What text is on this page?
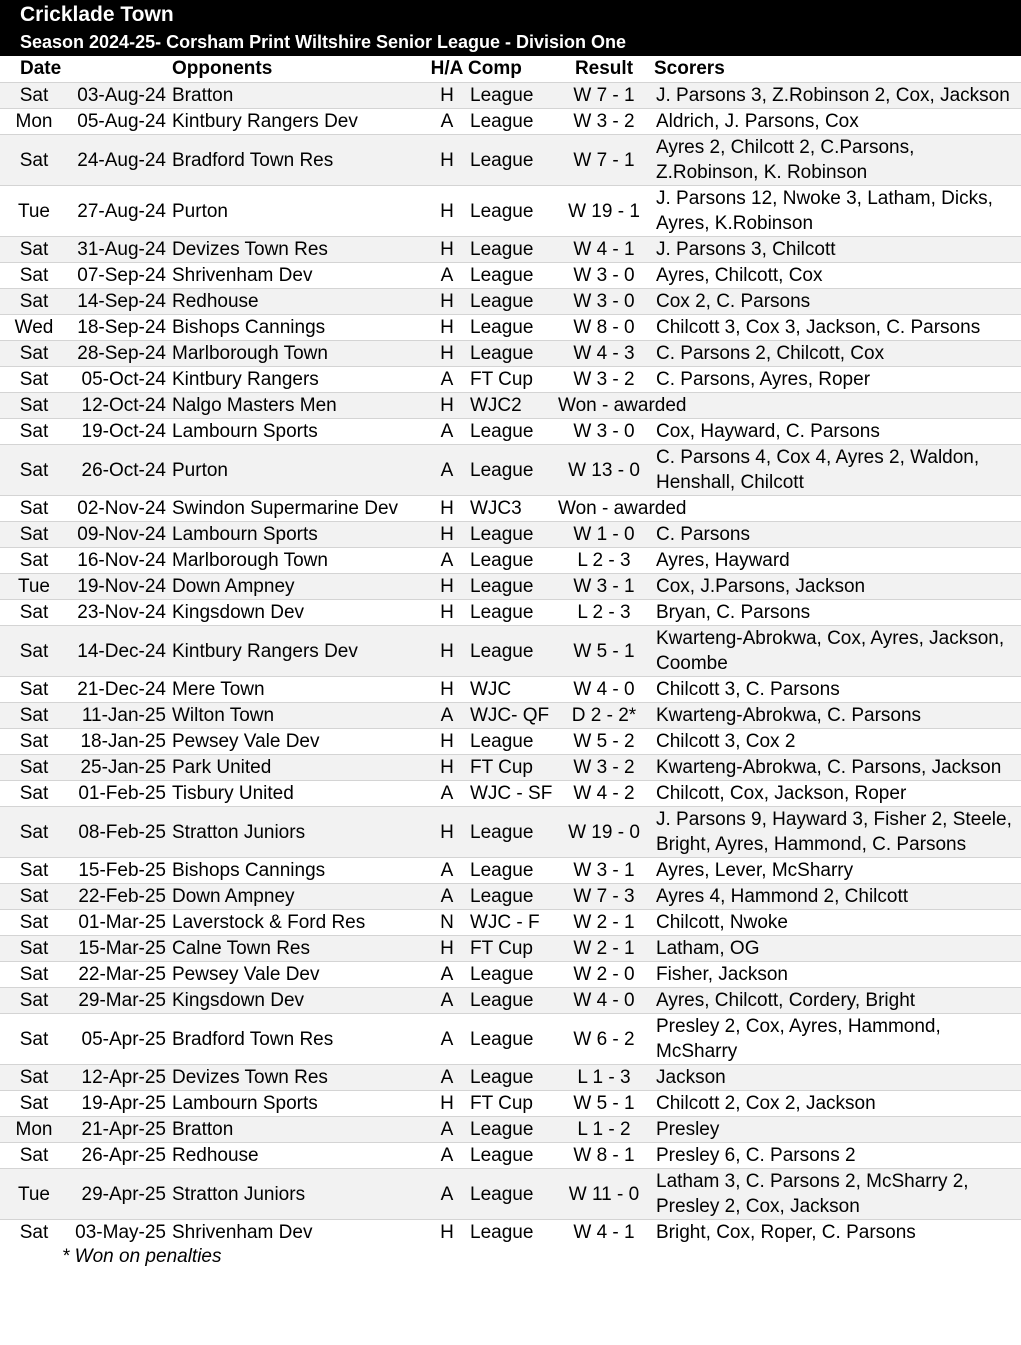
Cricklade Town
Season 2024-25- Corsham Print Wiltshire Senior League - Division One
Date		Opponents	H/A	Comp	Result	Scorers
Sat	03-Aug-24	Bratton	H	League	W 7 - 1	J. Parsons 3, Z.Robinson 2, Cox, Jackson
Mon	05-Aug-24	Kintbury Rangers Dev	A	League	W 3 - 2	Aldrich, J. Parsons, Cox
Sat	24-Aug-24	Bradford Town Res	H	League	W 7 - 1	Ayres 2, Chilcott 2, C.Parsons, Z.Robinson, K. Robinson
Tue	27-Aug-24	Purton	H	League	W 19 - 1	J. Parsons 12, Nwoke 3, Latham, Dicks, Ayres, K.Robinson
Sat	31-Aug-24	Devizes Town Res	H	League	W 4 - 1	J. Parsons 3, Chilcott
Sat	07-Sep-24	Shrivenham Dev	A	League	W 3 - 0	Ayres, Chilcott, Cox
Sat	14-Sep-24	Redhouse	H	League	W 3 - 0	Cox 2, C. Parsons
Wed	18-Sep-24	Bishops Cannings	H	League	W 8 - 0	Chilcott 3, Cox 3, Jackson, C. Parsons
Sat	28-Sep-24	Marlborough Town	H	League	W 4 - 3	C. Parsons 2, Chilcott, Cox
Sat	05-Oct-24	Kintbury Rangers	A	FT Cup	W 3 - 2	C. Parsons, Ayres, Roper
Sat	12-Oct-24	Nalgo Masters Men	H	WJC2	Won - awarded	
Sat	19-Oct-24	Lambourn Sports	A	League	W 3 - 0	Cox, Hayward, C. Parsons
Sat	26-Oct-24	Purton	A	League	W 13 - 0	C. Parsons 4, Cox 4, Ayres 2, Waldon, Henshall, Chilcott
Sat	02-Nov-24	Swindon Supermarine Dev	H	WJC3	Won - awarded	
Sat	09-Nov-24	Lambourn Sports	H	League	W 1 - 0	C. Parsons
Sat	16-Nov-24	Marlborough Town	A	League	L 2 - 3	Ayres, Hayward
Tue	19-Nov-24	Down Ampney	H	League	W 3 - 1	Cox, J.Parsons, Jackson
Sat	23-Nov-24	Kingsdown Dev	H	League	L 2 - 3	Bryan, C. Parsons
Sat	14-Dec-24	Kintbury Rangers Dev	H	League	W 5 - 1	Kwarteng-Abrokwa, Cox, Ayres, Jackson, Coombe
Sat	21-Dec-24	Mere Town	H	WJC	W 4 - 0	Chilcott 3, C. Parsons
Sat	11-Jan-25	Wilton Town	A	WJC- QF	D 2 - 2*	Kwarteng-Abrokwa, C. Parsons
Sat	18-Jan-25	Pewsey Vale Dev	H	League	W 5 - 2	Chilcott 3, Cox 2
Sat	25-Jan-25	Park United	H	FT Cup	W 3 - 2	Kwarteng-Abrokwa, C. Parsons, Jackson
Sat	01-Feb-25	Tisbury United	A	WJC - SF	W 4 - 2	Chilcott, Cox, Jackson, Roper
Sat	08-Feb-25	Stratton Juniors	H	League	W 19 - 0	J. Parsons 9, Hayward 3, Fisher 2, Steele, Bright, Ayres, Hammond, C. Parsons
Sat	15-Feb-25	Bishops Cannings	A	League	W 3 - 1	Ayres, Lever, McSharry
Sat	22-Feb-25	Down Ampney	A	League	W 7 - 3	Ayres 4, Hammond 2, Chilcott
Sat	01-Mar-25	Laverstock & Ford Res	N	WJC - F	W 2 - 1	Chilcott, Nwoke
Sat	15-Mar-25	Calne Town Res	H	FT Cup	W 2 - 1	Latham, OG
Sat	22-Mar-25	Pewsey Vale Dev	A	League	W 2 - 0	Fisher, Jackson
Sat	29-Mar-25	Kingsdown Dev	A	League	W 4 - 0	Ayres, Chilcott, Cordery, Bright
Sat	05-Apr-25	Bradford Town Res	A	League	W 6 - 2	Presley 2, Cox, Ayres, Hammond, McSharry
Sat	12-Apr-25	Devizes Town Res	A	League	L 1 - 3	Jackson
Sat	19-Apr-25	Lambourn Sports	H	FT Cup	W 5 - 1	Chilcott 2, Cox 2, Jackson
Mon	21-Apr-25	Bratton	A	League	L 1 - 2	Presley
Sat	26-Apr-25	Redhouse	A	League	W 8 - 1	Presley 6, C. Parsons 2
Tue	29-Apr-25	Stratton Juniors	A	League	W 11 - 0	Latham 3, C. Parsons 2, McSharry 2, Presley 2, Cox, Jackson
Sat	03-May-25	Shrivenham Dev	H	League	W 4 - 1	Bright, Cox, Roper, C. Parsons
* Won on penalties
